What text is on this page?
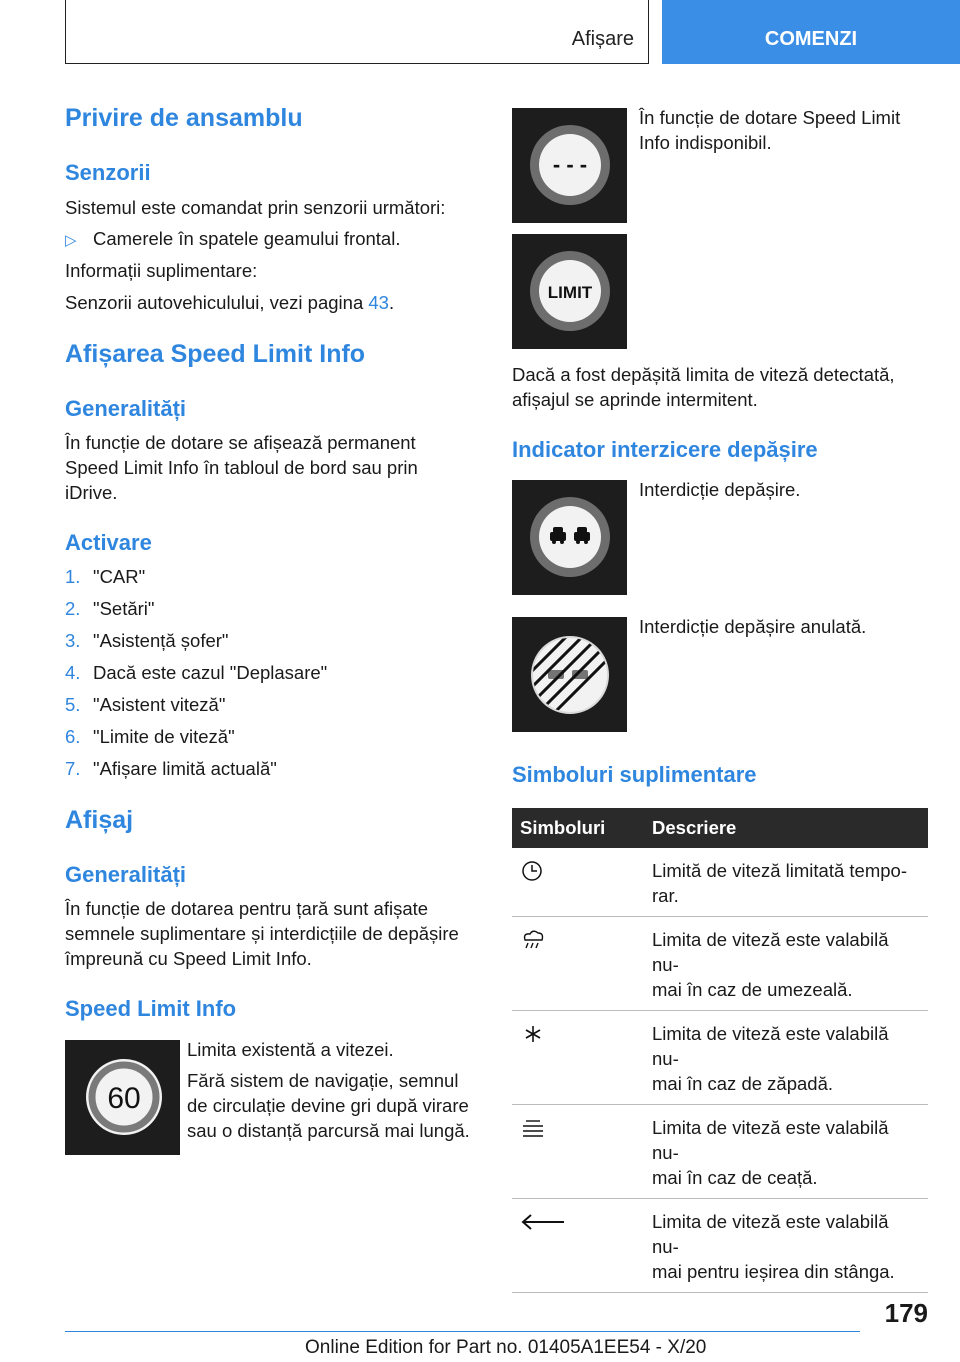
Afișare	COMENZI
Privire de ansamblu
Senzorii

Sistemul este comandat prin senzorii următori:

▷ Camerele în spatele geamului frontal.

Informații suplimentare:

Senzorii autovehiculului, vezi pagina 43.

Afișarea Speed Limit Info
Generalități

În funcție de dotare se afișează permanent

Speed Limit Info în tabloul de bord sau prin

iDrive.

Activare
1. "CAR"
2. "Setări"
3. "Asistență șofer"
4. Dacă este cazul "Deplasare"
5. "Asistent viteză"
6. "Limite de viteză"
7. "Afișare limită actuală"
Afișaj
Generalități

În funcție de dotarea pentru țară sunt afișate

semnele suplimentare și interdicțiile de depășire

împreună cu Speed Limit Info.

Speed Limit Info
60

Limita existentă a vitezei.

Fără sistem de navigație, semnul

de circulație devine gri după virare

sau o distanță parcursă mai lungă.

- - -

În funcție de dotare Speed Limit

Info indisponibil.

LIMIT

Dacă a fost depășită limita de viteză detectată,

afișajul se aprinde intermitent.

Indicator interzicere depășire

Interdicție depășire.

Interdicție depășire anulată.

Simboluri suplimentare
Simboluri	Descriere

Limită de viteză limitată tempo-
rar.

Limita de viteză este valabilă nu-
mai în caz de umezeală.

Limita de viteză este valabilă nu-
mai în caz de zăpadă.

Limita de viteză este valabilă nu-
mai în caz de ceață.

Limita de viteză este valabilă nu-
mai pentru ieșirea din stânga.
179
Online Edition for Part no. 01405A1EE54 - X/20
